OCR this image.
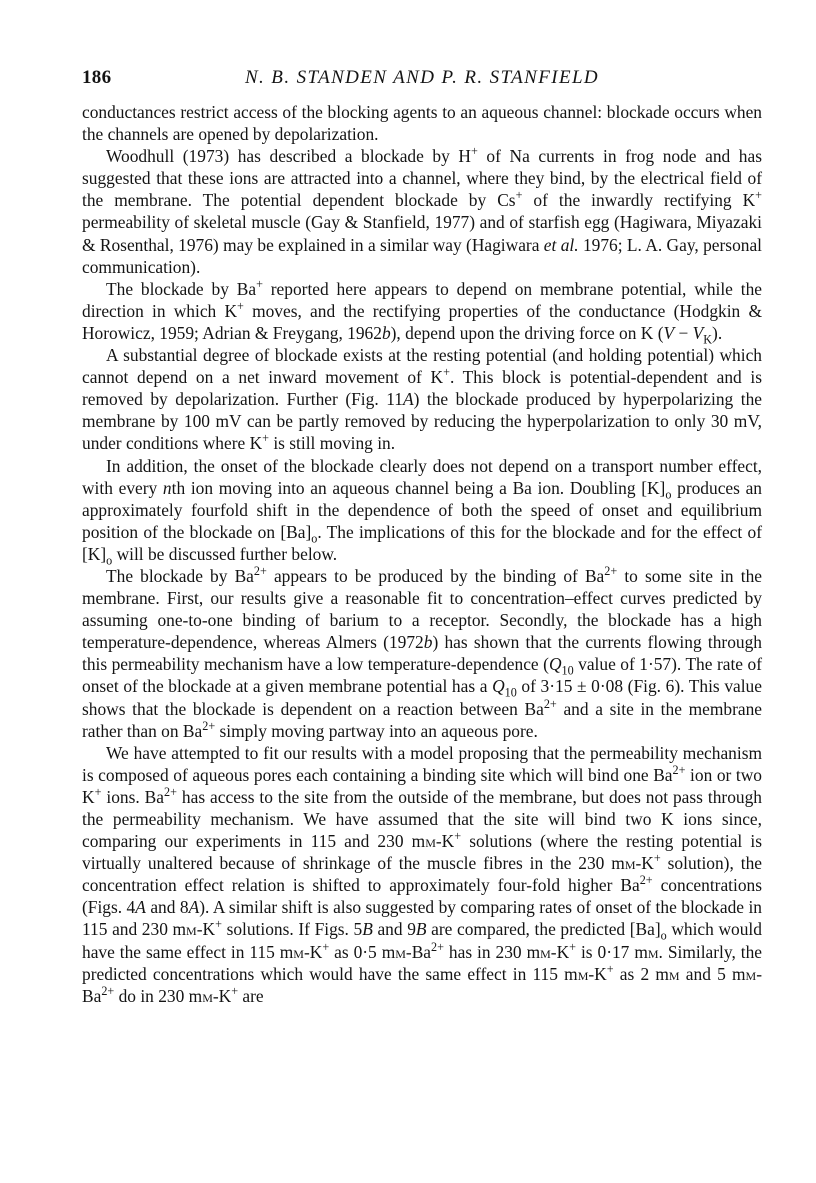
186	N. B. STANDEN AND P. R. STANFIELD

conductances restrict access of the blocking agents to an aqueous channel: blockade occurs when the channels are opened by depolarization.

Woodhull (1973) has described a blockade by H+ of Na currents in frog node and has suggested that these ions are attracted into a channel, where they bind, by the electrical field of the membrane. The potential dependent blockade by Cs+ of the inwardly rectifying K+ permeability of skeletal muscle (Gay & Stanfield, 1977) and of starfish egg (Hagiwara, Miyazaki & Rosenthal, 1976) may be explained in a similar way (Hagiwara et al. 1976; L. A. Gay, personal communication).

The blockade by Ba+ reported here appears to depend on membrane potential, while the direction in which K+ moves, and the rectifying properties of the conductance (Hodgkin & Horowicz, 1959; Adrian & Freygang, 1962b), depend upon the driving force on K $(V - V_K)$.

A substantial degree of blockade exists at the resting potential (and holding potential) which cannot depend on a net inward movement of K+. This block is potential-dependent and is removed by depolarization. Further (Fig. 11A) the blockade produced by hyperpolarizing the membrane by 100 mV can be partly removed by reducing the hyperpolarization to only 30 mV, under conditions where K+ is still moving in.

In addition, the onset of the blockade clearly does not depend on a transport number effect, with every nth ion moving into an aqueous channel being a Ba ion. Doubling $[K]_o$ produces an approximately fourfold shift in the dependence of both the speed of onset and equilibrium position of the blockade on $[Ba]_o$. The implications of this for the blockade and for the effect of $[K]_o$ will be discussed further below.

The blockade by $Ba^{2+}$ appears to be produced by the binding of $Ba^{2+}$ to some site in the membrane. First, our results give a reasonable fit to concentration–effect curves predicted by assuming one-to-one binding of barium to a receptor. Secondly, the blockade has a high temperature-dependence, whereas Almers (1972b) has shown that the currents flowing through this permeability mechanism have a low temperature-dependence ($Q_{10}$ value of 1·57). The rate of onset of the blockade at a given membrane potential has a $Q_{10}$ of 3·15 ± 0·08 (Fig. 6). This value shows that the blockade is dependent on a reaction between $Ba^{2+}$ and a site in the membrane rather than on $Ba^{2+}$ simply moving partway into an aqueous pore.

We have attempted to fit our results with a model proposing that the permeability mechanism is composed of aqueous pores each containing a binding site which will bind one $Ba^{2+}$ ion or two K+ ions. $Ba^{2+}$ has access to the site from the outside of the membrane, but does not pass through the permeability mechanism. We have assumed that the site will bind two K ions since, comparing our experiments in 115 and 230 mm-K+ solutions (where the resting potential is virtually unaltered because of shrinkage of the muscle fibres in the 230 mm-K+ solution), the concentration effect relation is shifted to approximately four-fold higher $Ba^{2+}$ concentrations (Figs. 4A and 8A). A similar shift is also suggested by comparing rates of onset of the blockade in 115 and 230 mm-K+ solutions. If Figs. 5B and 9B are compared, the predicted $[Ba]_o$ which would have the same effect in 115 mm-K+ as 0·5 $mm-Ba^{2+}$ has in 230 mm-K+ is 0·17 mm. Similarly, the predicted concentrations which would have the same effect in 115 mm-K+ as 2 mm and 5 $mm-Ba^{2+}$ do in 230 mm-K+ are
